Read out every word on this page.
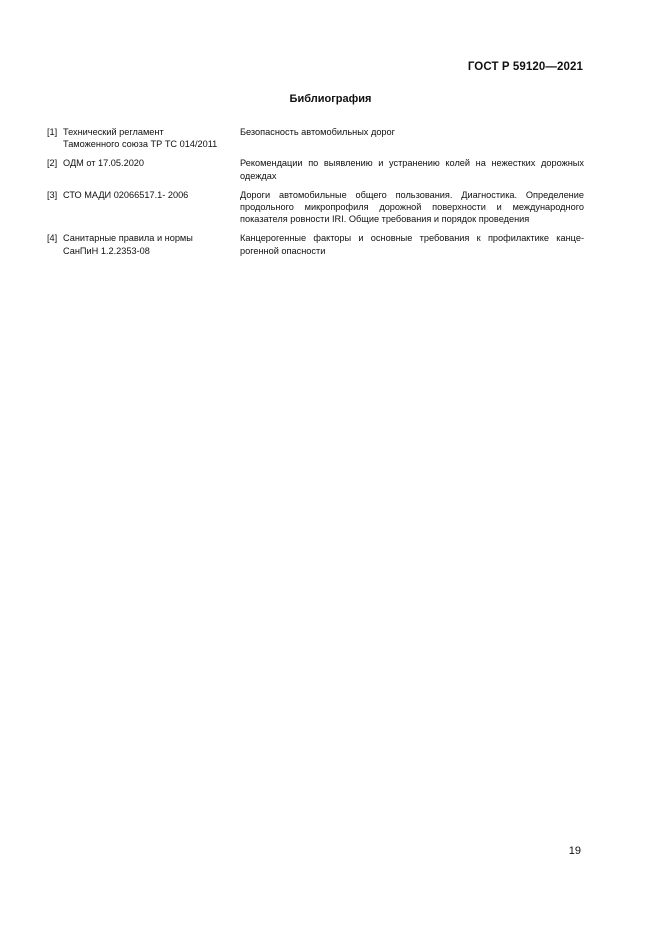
ГОСТ Р 59120—2021
Библиография
[1] Технический регламент
Таможенного союза ТР ТС 014/2011
Безопасность автомобильных дорог
[2] ОДМ от 17.05.2020	Рекомендации по выявлению и устранению колей на нежестких дорожных одеждах
[3] СТО МАДИ 02066517.1- 2006	Дороги автомобильные общего пользования. Диагностика. Определение продольного микропрофиля дорожной поверхности и международного показателя ровности IRI. Общие требования и порядок проведения
[4] Санитарные правила и нормы
СанПиН 1.2.2353-08
Канцерогенные факторы и основные требования к профилактике канце-рогенной опасности
19
